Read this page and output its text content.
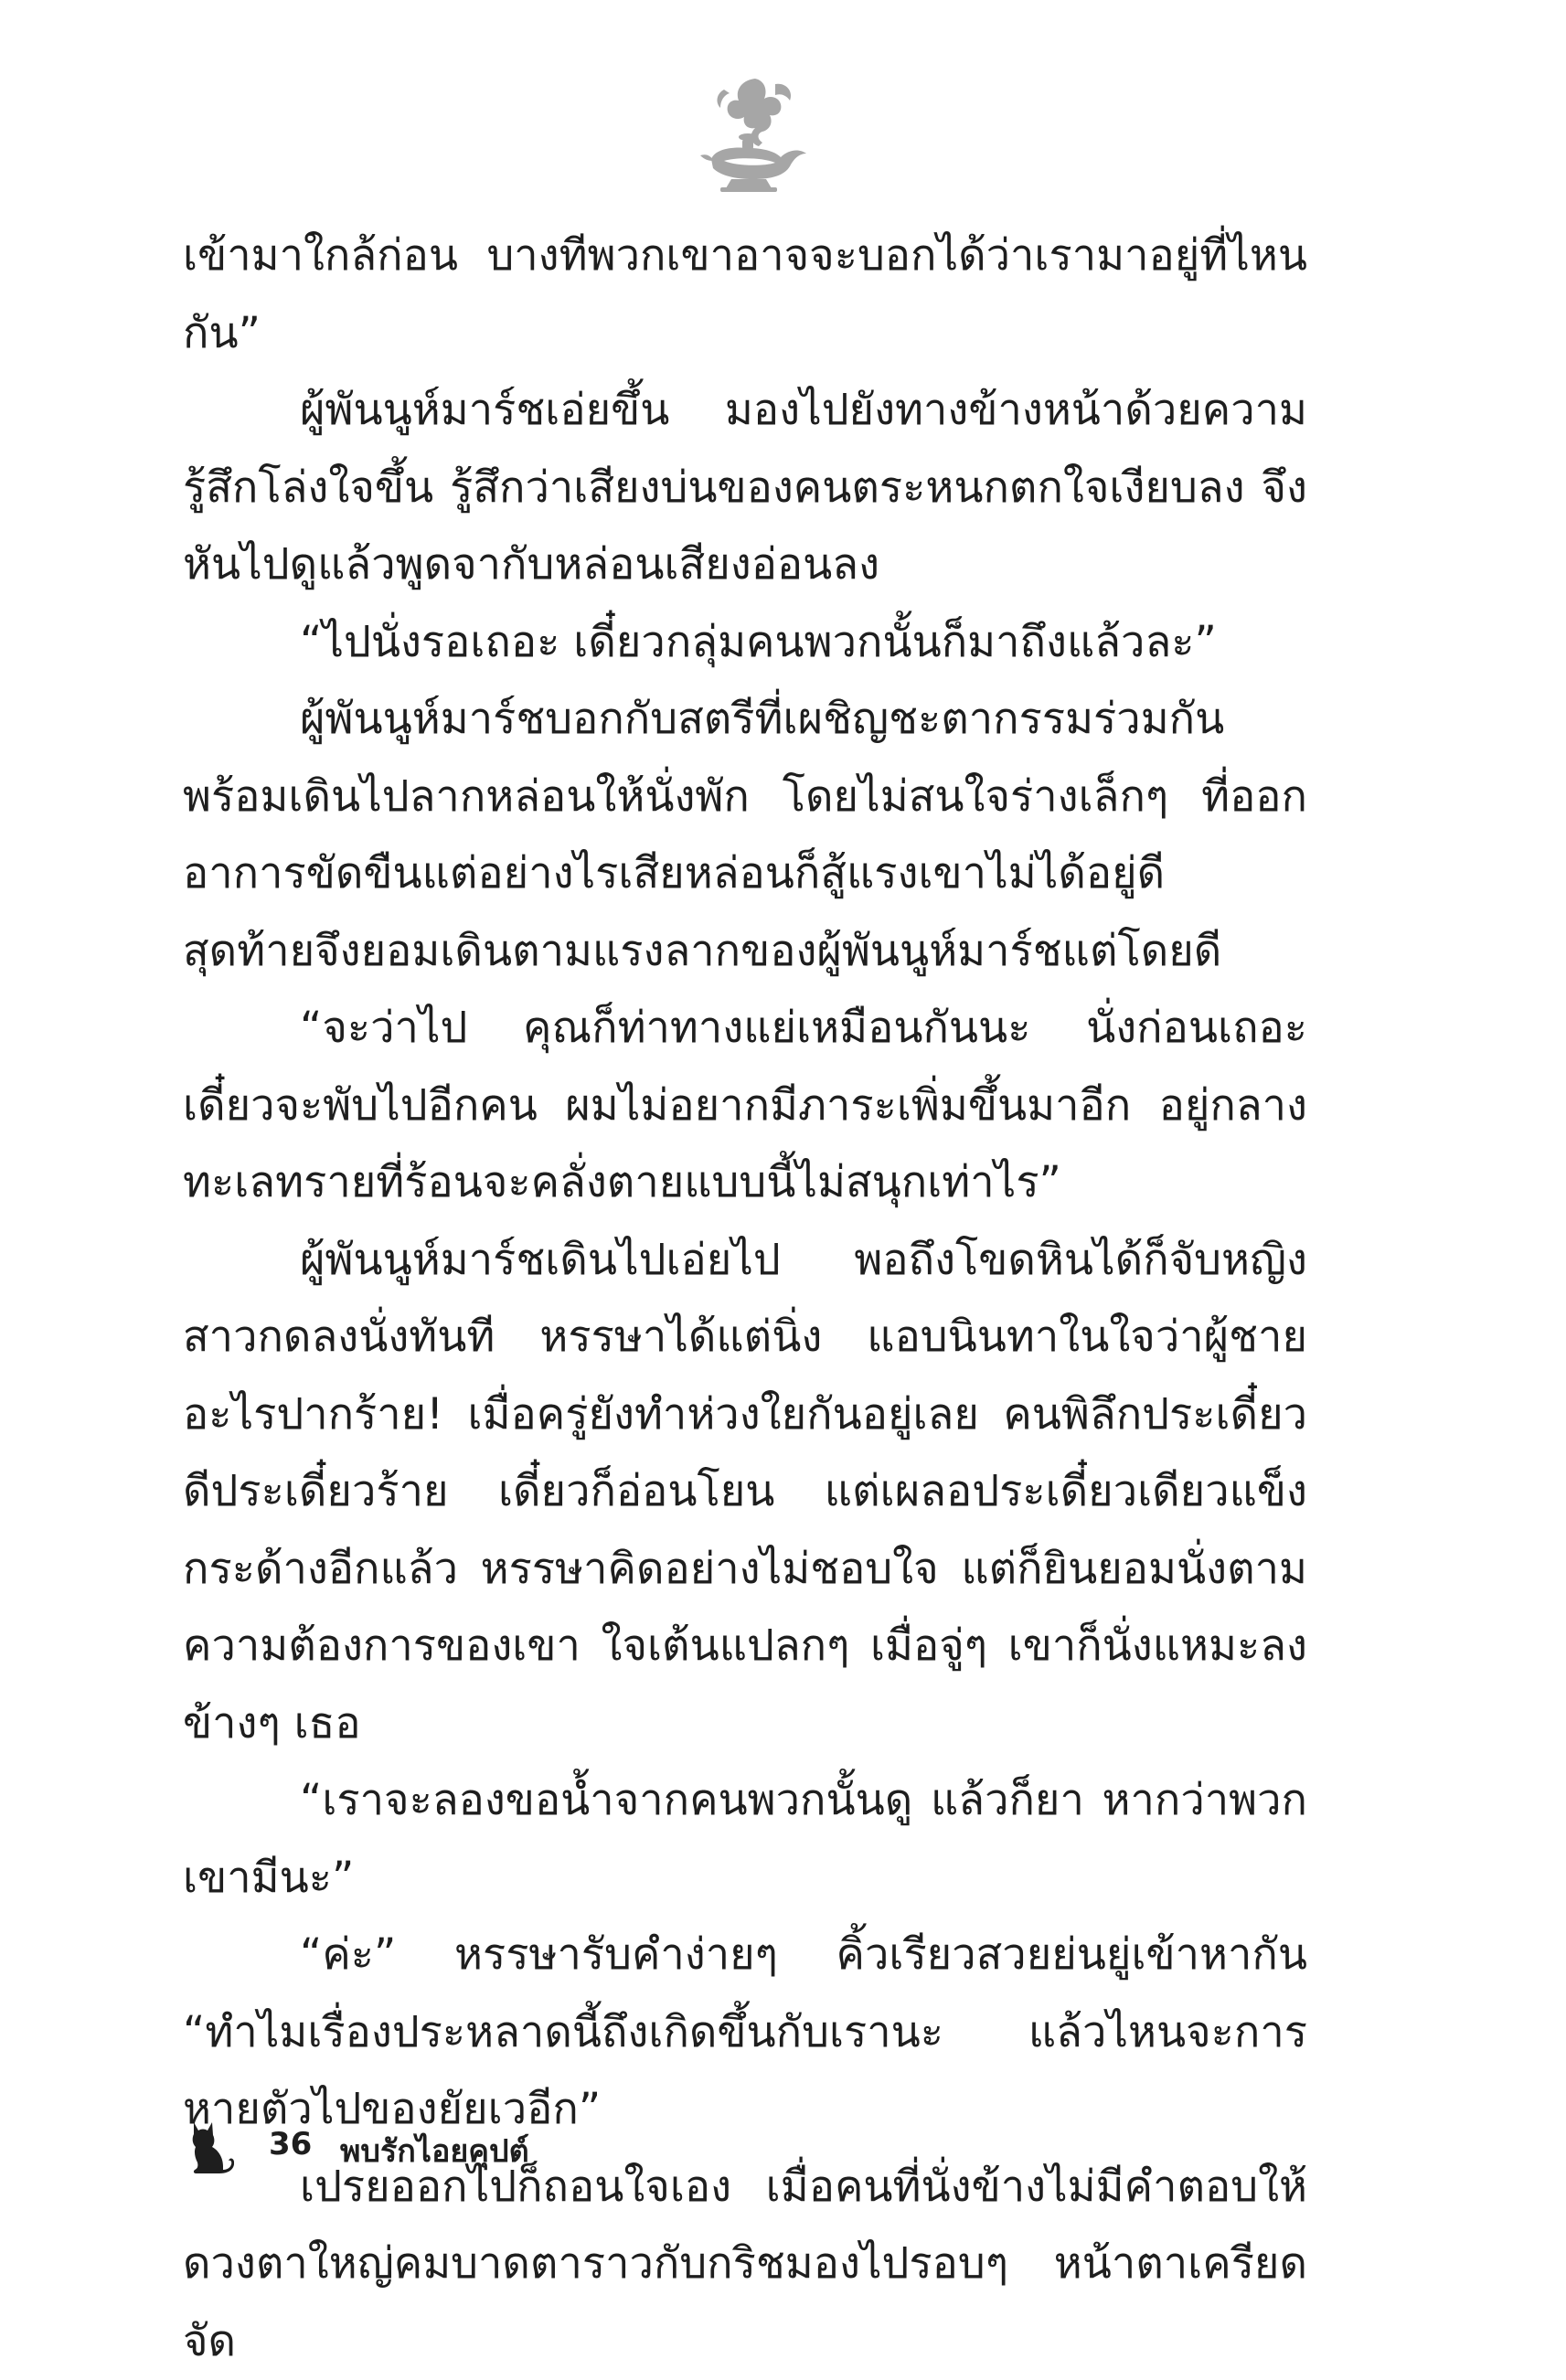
เข้ามาใกล้ก่อน บางทีพวกเขาอาจจะบอกได้ว่าเรามาอยู่ที่ไหนกัน”

ผู้พันนูห์มาร์ชเอ่ยขึ้น มองไปยังทางข้างหน้าด้วยความรู้สึกโล่งใจขึ้น รู้สึกว่าเสียงบ่นของคนตระหนกตกใจเงียบลง จึงหันไปดูแล้วพูดจากับหล่อนเสียงอ่อนลง

“ไปนั่งรอเถอะ เดี๋ยวกลุ่มคนพวกนั้นก็มาถึงแล้วละ”

ผู้พันนูห์มาร์ชบอกกับสตรีที่เผชิญชะตากรรมร่วมกัน พร้อมเดินไปลากหล่อนให้นั่งพัก โดยไม่สนใจร่างเล็กๆ ที่ออกอาการขัดขืนแต่อย่างไรเสียหล่อนก็สู้แรงเขาไม่ได้อยู่ดี สุดท้ายจึงยอมเดินตามแรงลากของผู้พันนูห์มาร์ชแต่โดยดี

“จะว่าไป คุณก็ท่าทางแย่เหมือนกันนะ นั่งก่อนเถอะ เดี๋ยวจะพับไปอีกคน ผมไม่อยากมีภาระเพิ่มขึ้นมาอีก อยู่กลางทะเลทรายที่ร้อนจะคลั่งตายแบบนี้ไม่สนุกเท่าไร”

ผู้พันนูห์มาร์ชเดินไปเอ่ยไป พอถึงโขดหินได้ก็จับหญิงสาวกดลงนั่งทันที หรรษาได้แต่นิ่ง แอบนินทาในใจว่าผู้ชายอะไรปากร้าย! เมื่อครู่ยังทำห่วงใยกันอยู่เลย คนพิลึกประเดี๋ยวดีประเดี๋ยวร้าย เดี๋ยวก็อ่อนโยน แต่เผลอประเดี๋ยวเดียวแข็งกระด้างอีกแล้ว หรรษาคิดอย่างไม่ชอบใจ แต่ก็ยินยอมนั่งตามความต้องการของเขา ใจเต้นแปลกๆ เมื่อจู่ๆ เขาก็นั่งแหมะลงข้างๆ เธอ

“เราจะลองขอน้ำจากคนพวกนั้นดู แล้วก็ยา หากว่าพวกเขามีนะ”

“ค่ะ” หรรษารับคำง่ายๆ คิ้วเรียวสวยย่นยู่เข้าหากัน “ทำไมเรื่องประหลาดนี้ถึงเกิดขึ้นกับเรานะ แล้วไหนจะการหายตัวไปของยัยเวอีก”

เปรยออกไปก็ถอนใจเอง เมื่อคนที่นั่งข้างไม่มีคำตอบให้ดวงตาใหญ่คมบาดตาราวกับกริชมองไปรอบๆ หน้าตาเครียดจัด

36 พบรักไอยคุปต์
